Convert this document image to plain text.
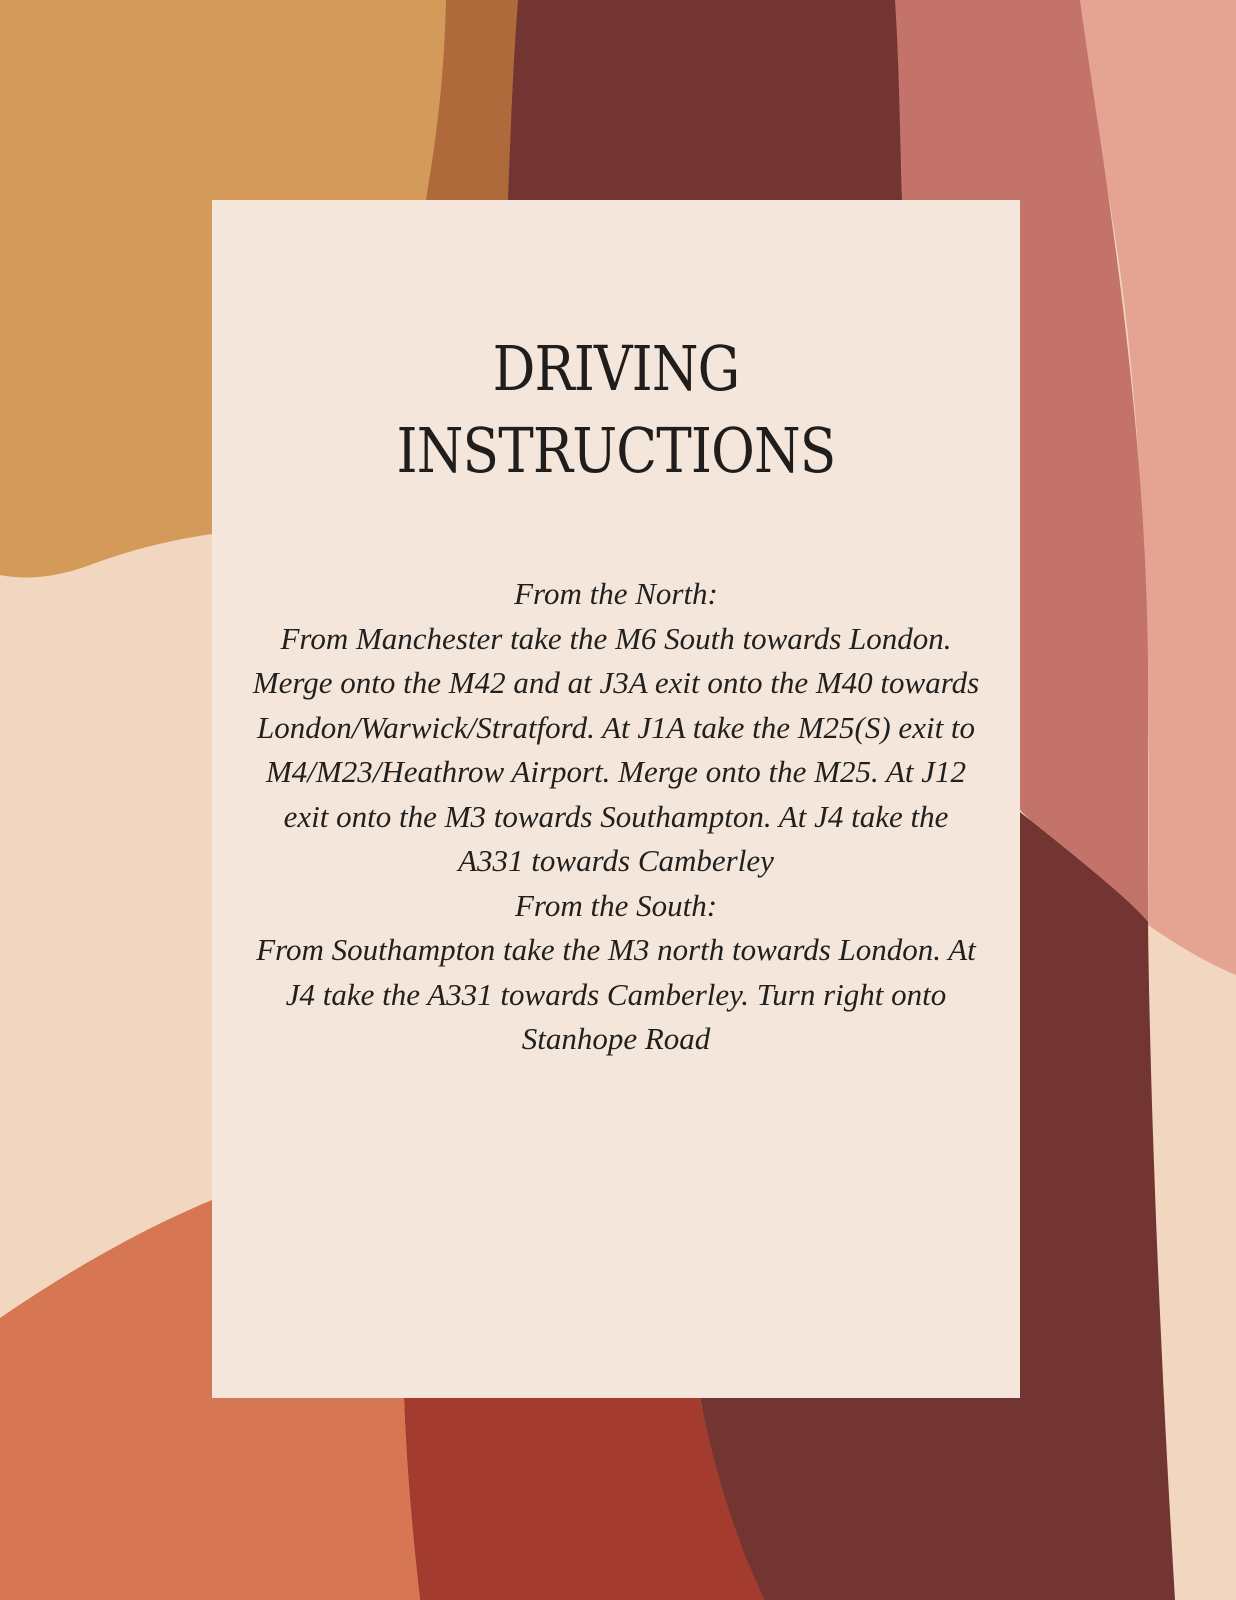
DRIVING
INSTRUCTIONS

From the North:

From Manchester take the M6 South towards London. Merge onto the M42 and at J3A exit onto the M40 towards London/Warwick/Stratford. At J1A take the M25(S) exit to M4/M23/Heathrow Airport. Merge onto the M25. At J12 exit onto the M3 towards Southampton. At J4 take the A331 towards Camberley

From the South:

From Southampton take the M3 north towards London. At J4 take the A331 towards Camberley. Turn right onto Stanhope Road
